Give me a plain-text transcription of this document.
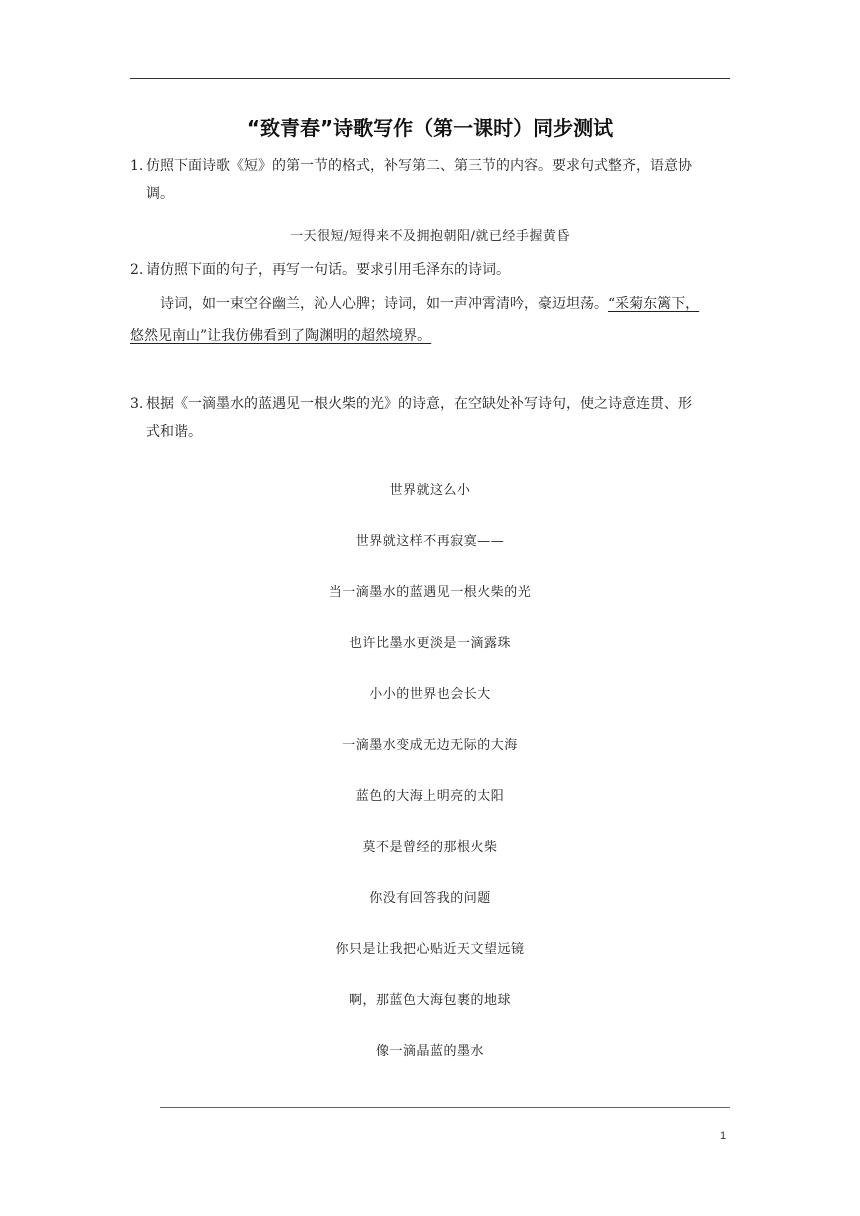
“致青春”诗歌写作（第一课时）同步测试
1. 仿照下面诗歌《短》的第一节的格式，补写第二、第三节的内容。要求句式整齐，语意协
调。
一天很短/短得来不及拥抱朝阳/就已经手握黄昏
2. 请仿照下面的句子，再写一句话。要求引用毛泽东的诗词。
诗词，如一束空谷幽兰，沁人心脾；诗词，如一声冲霄清吟，豪迈坦荡。“采菊东篱下，
悠然见南山”让我仿佛看到了陶渊明的超然境界。
3. 根据《一滴墨水的蓝遇见一根火柴的光》的诗意，在空缺处补写诗句，使之诗意连贯、形
式和谐。
世界就这么小
世界就这样不再寂寞——
当一滴墨水的蓝遇见一根火柴的光
也许比墨水更淡是一滴露珠
小小的世界也会长大
一滴墨水变成无边无际的大海
蓝色的大海上明亮的太阳
莫不是曾经的那根火柴
你没有回答我的问题
你只是让我把心贴近天文望远镜
啊，那蓝色大海包裹的地球
像一滴晶蓝的墨水
1
